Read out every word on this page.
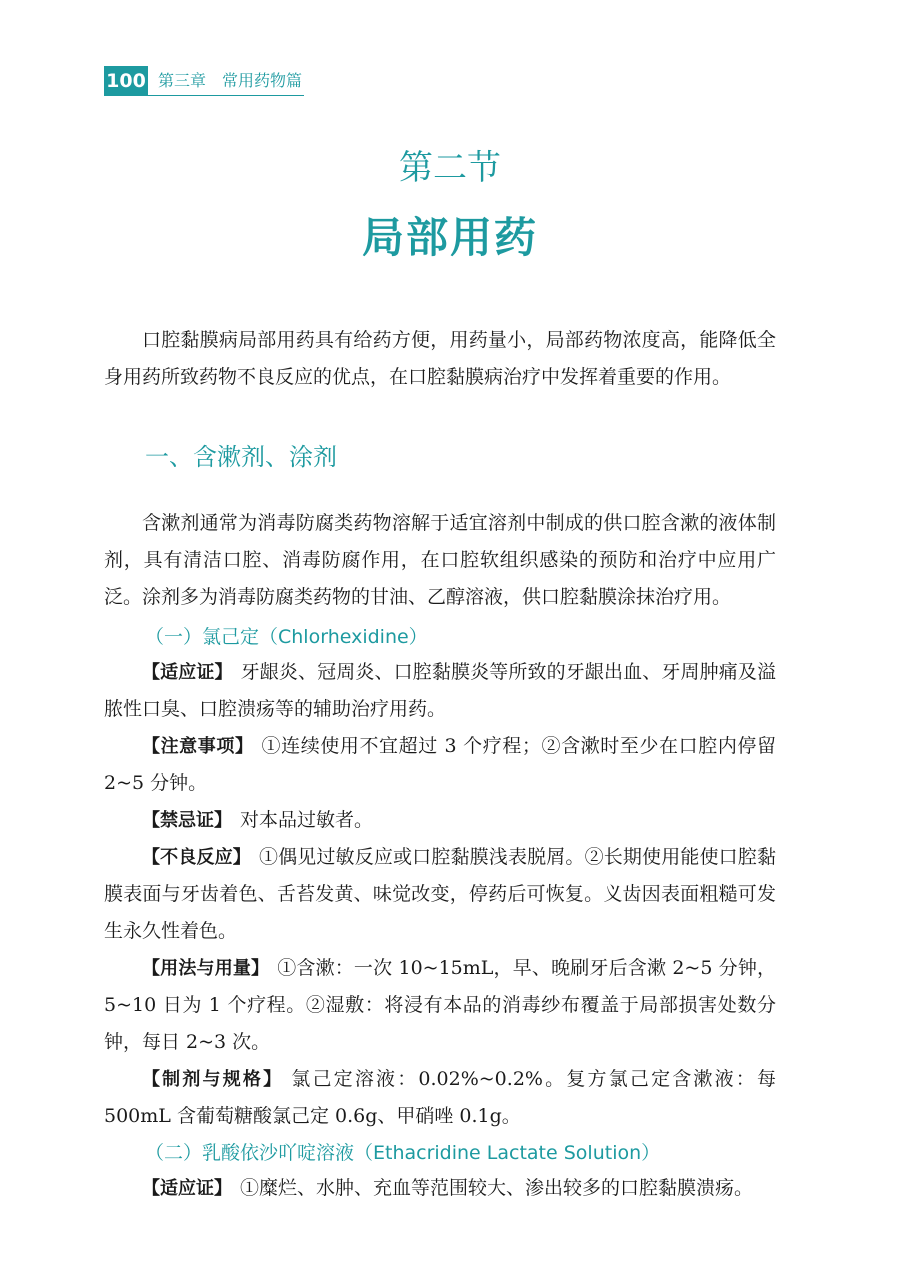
100 第三章　常用药物篇
第二节
局部用药
口腔黏膜病局部用药具有给药方便，用药量小，局部药物浓度高，能降低全身用药所致药物不良反应的优点，在口腔黏膜病治疗中发挥着重要的作用。
一、含漱剂、涂剂
含漱剂通常为消毒防腐类药物溶解于适宜溶剂中制成的供口腔含漱的液体制剂，具有清洁口腔、消毒防腐作用，在口腔软组织感染的预防和治疗中应用广泛。涂剂多为消毒防腐类药物的甘油、乙醇溶液，供口腔黏膜涂抹治疗用。
（一）氯己定（Chlorhexidine）
【适应证】 牙龈炎、冠周炎、口腔黏膜炎等所致的牙龈出血、牙周肿痛及溢脓性口臭、口腔溃疡等的辅助治疗用药。
【注意事项】 ①连续使用不宜超过 3 个疗程；②含漱时至少在口腔内停留 2~5 分钟。
【禁忌证】 对本品过敏者。
【不良反应】 ①偶见过敏反应或口腔黏膜浅表脱屑。②长期使用能使口腔黏膜表面与牙齿着色、舌苔发黄、味觉改变，停药后可恢复。义齿因表面粗糙可发生永久性着色。
【用法与用量】 ①含漱：一次 10~15mL，早、晚刷牙后含漱 2~5 分钟，5~10 日为 1 个疗程。②湿敷：将浸有本品的消毒纱布覆盖于局部损害处数分钟，每日 2~3 次。
【制剂与规格】 氯己定溶液：0.02%~0.2%。复方氯己定含漱液：每 500mL 含葡萄糖酸氯己定 0.6g、甲硝唑 0.1g。
（二）乳酸依沙吖啶溶液（Ethacridine Lactate Solution）
【适应证】 ①糜烂、水肿、充血等范围较大、渗出较多的口腔黏膜溃疡。
